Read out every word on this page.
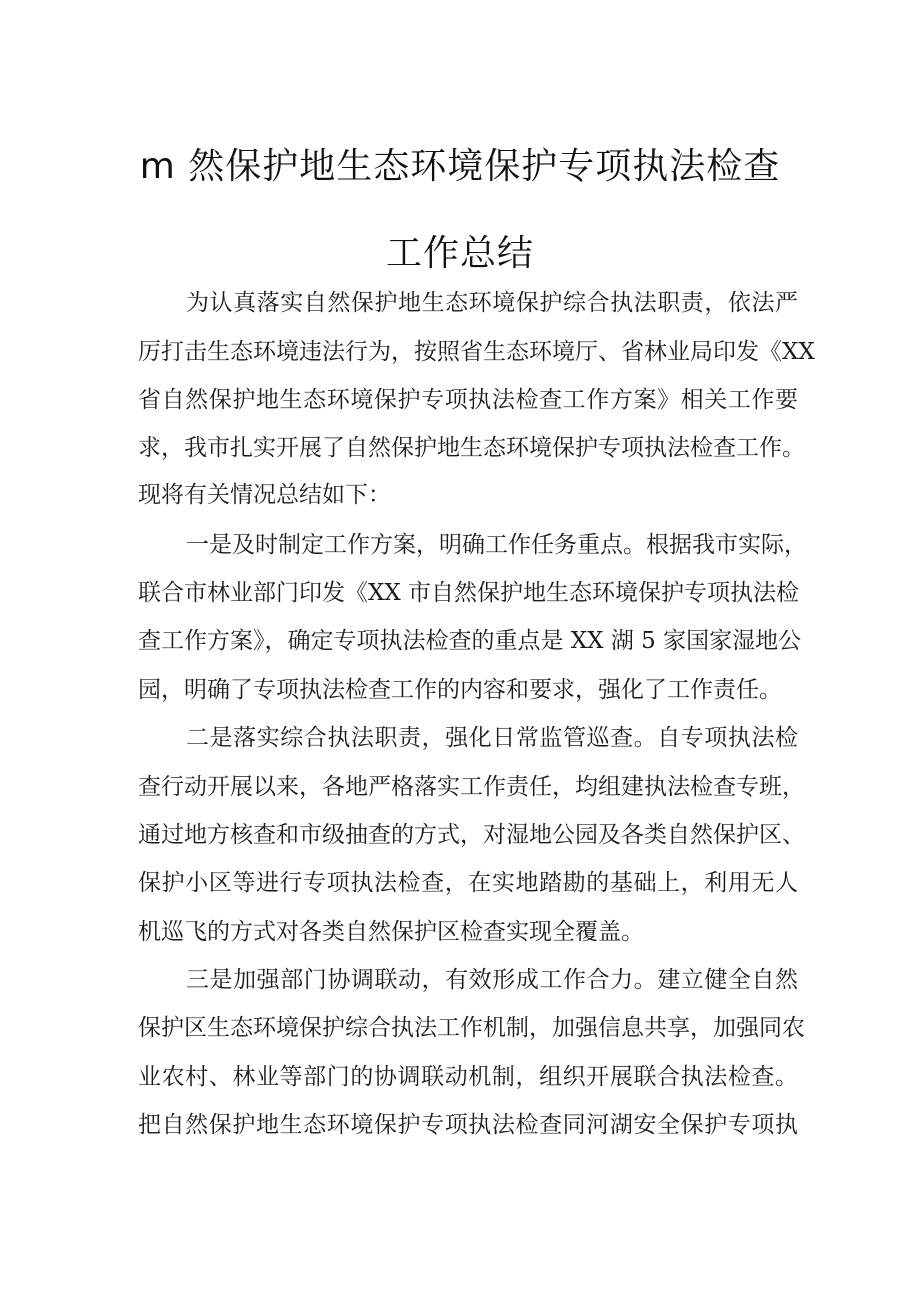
m 然保护地生态环境保护专项执法检查
工作总结
为认真落实自然保护地生态环境保护综合执法职责，依法严
厉打击生态环境违法行为，按照省生态环境厅、省林业局印发《XX
省自然保护地生态环境保护专项执法检查工作方案》相关工作要
求，我市扎实开展了自然保护地生态环境保护专项执法检查工作。
现将有关情况总结如下：
一是及时制定工作方案，明确工作任务重点。根据我市实际，
联合市林业部门印发《XX 市自然保护地生态环境保护专项执法检
查工作方案》，确定专项执法检查的重点是 XX 湖 5 家国家湿地公
园，明确了专项执法检查工作的内容和要求，强化了工作责任。
二是落实综合执法职责，强化日常监管巡查。自专项执法检
查行动开展以来，各地严格落实工作责任，均组建执法检查专班，
通过地方核查和市级抽查的方式，对湿地公园及各类自然保护区、
保护小区等进行专项执法检查，在实地踏勘的基础上，利用无人
机巡飞的方式对各类自然保护区检查实现全覆盖。
三是加强部门协调联动，有效形成工作合力。建立健全自然
保护区生态环境保护综合执法工作机制，加强信息共享，加强同农
业农村、林业等部门的协调联动机制，组织开展联合执法检查。
把自然保护地生态环境保护专项执法检查同河湖安全保护专项执
